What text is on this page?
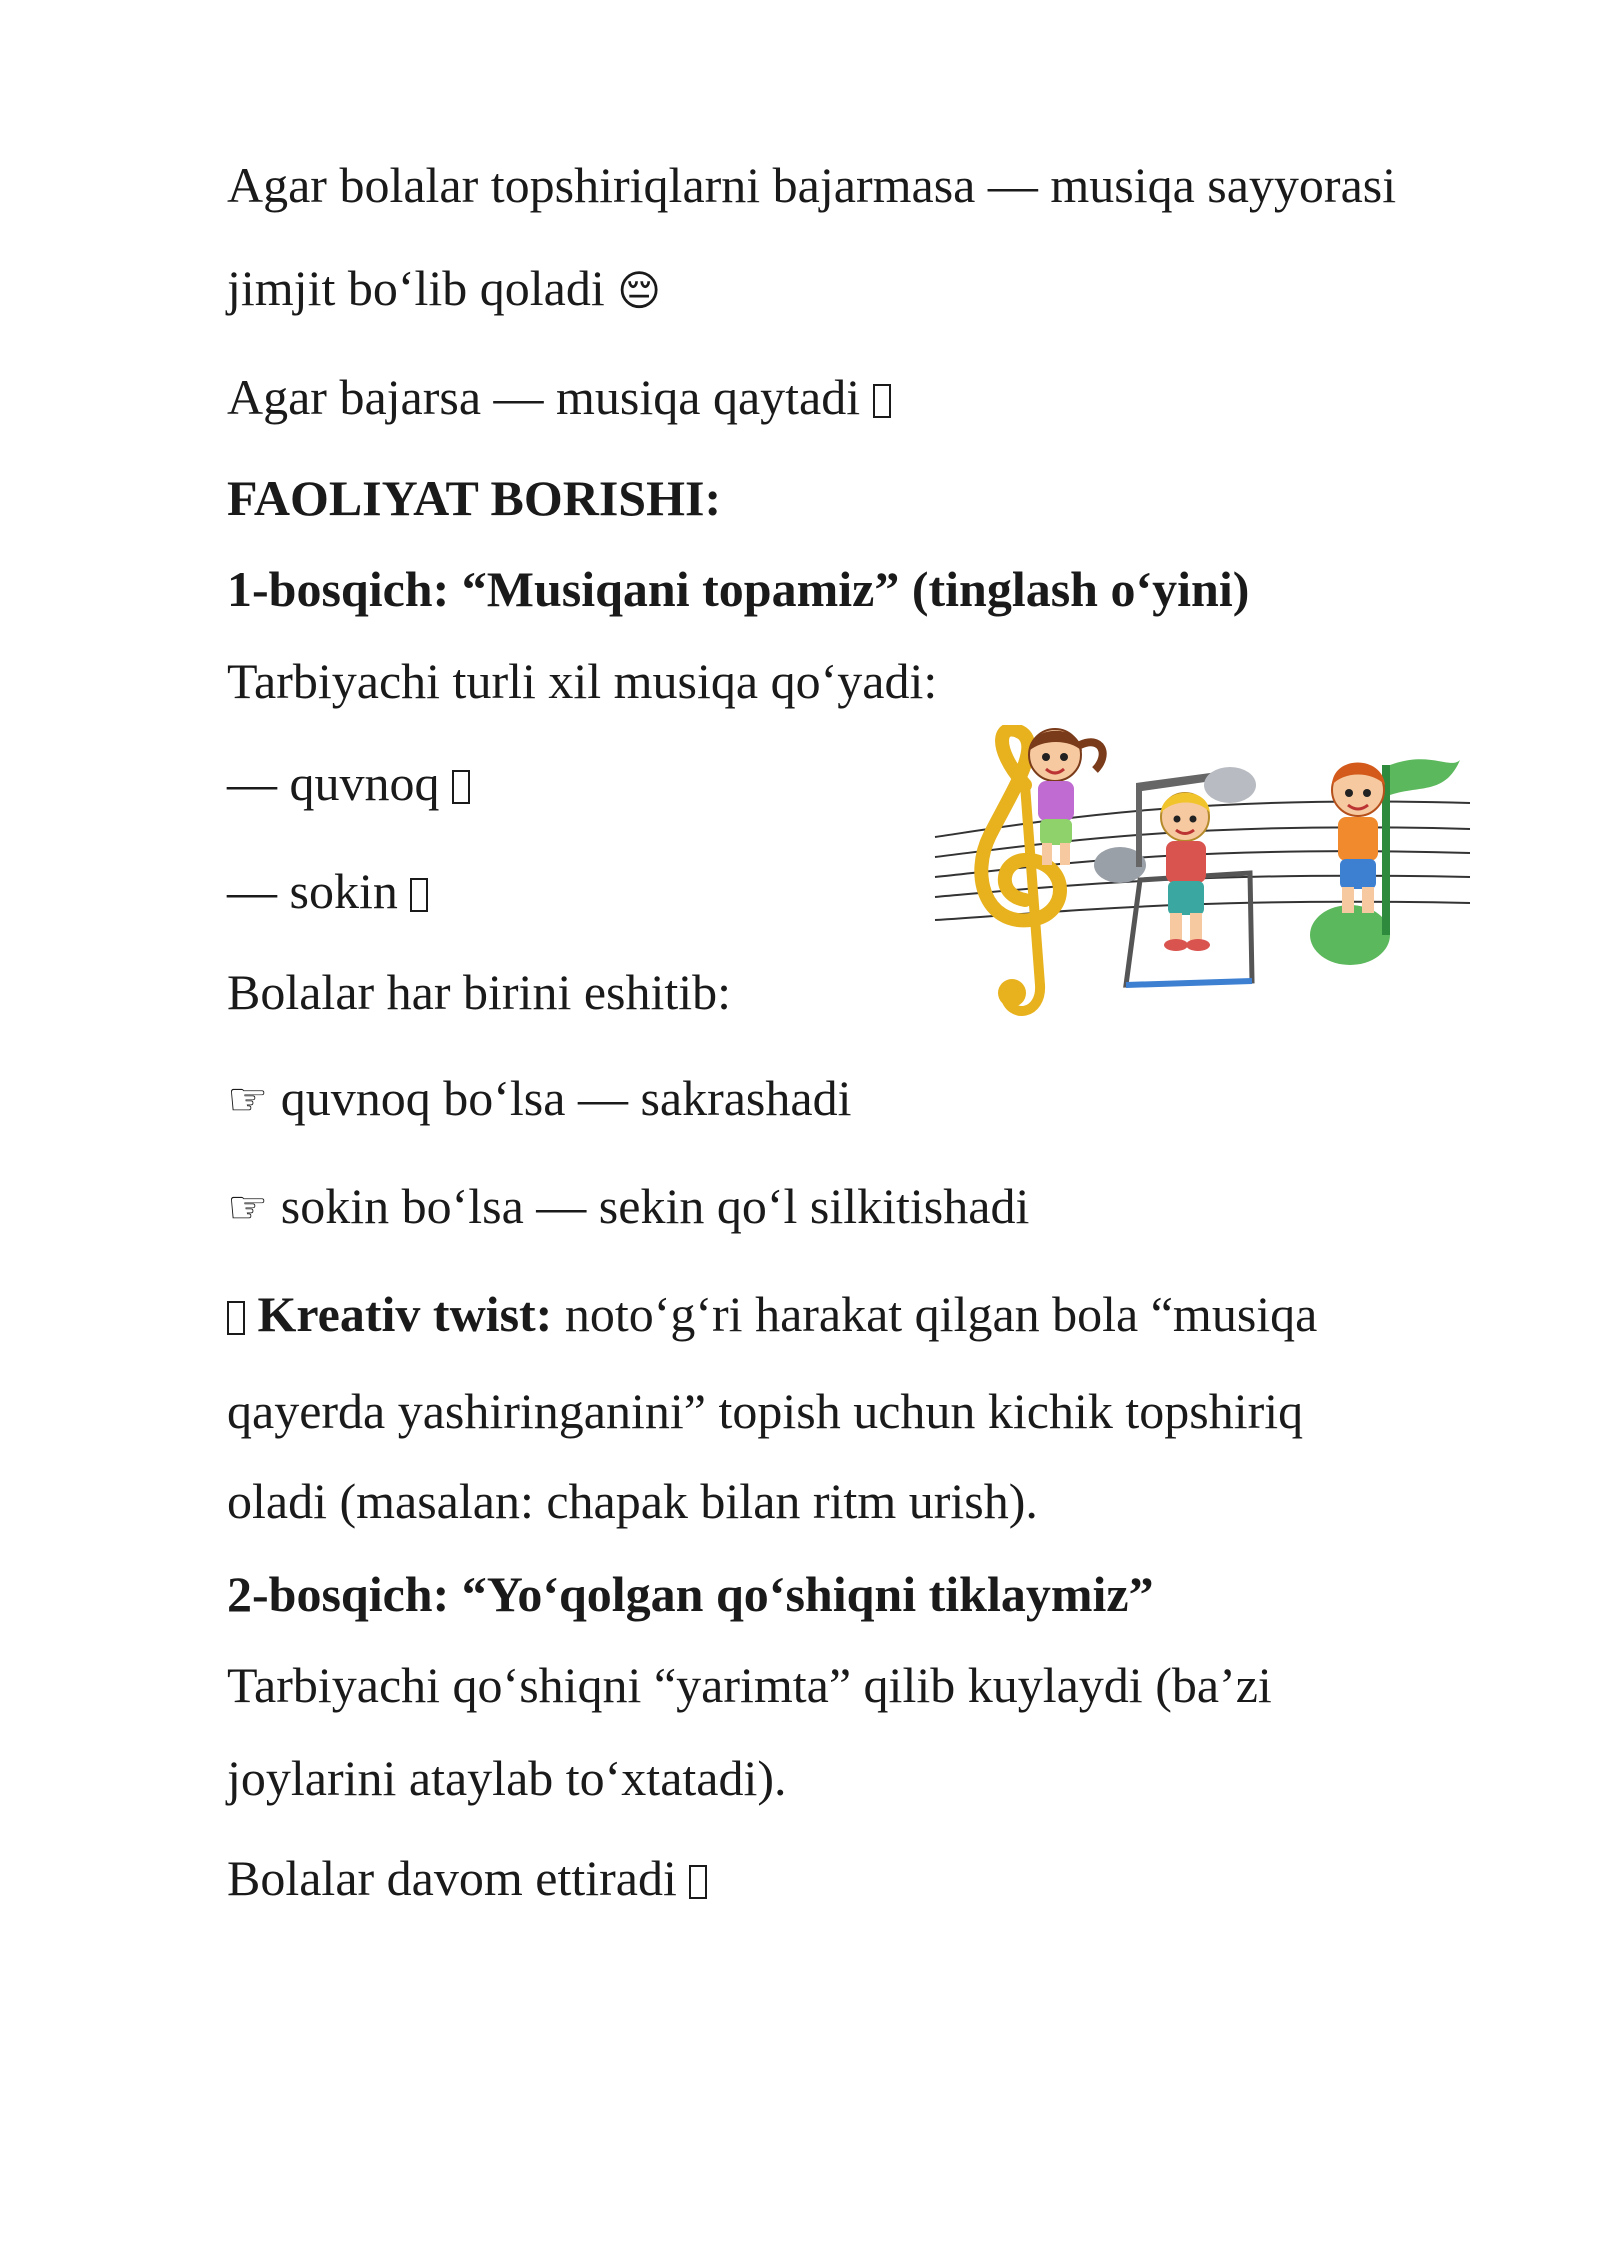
Agar bolalar topshiriqlarni bajarmasa — musiqa sayyorasi
jimjit bo‘lib qoladi 😔
Agar bajarsa — musiqa qaytadi
FAOLIYAT BORISHI:
1-bosqich: “Musiqani topamiz” (tinglash o‘yini)
Tarbiyachi turli xil musiqa qo‘yadi:
— quvnoq
— sokin
Bolalar har birini eshitib:
☞ quvnoq bo‘lsa — sakrashadi
☞ sokin bo‘lsa — sekin qo‘l silkitishadi
Kreativ twist: noto‘g‘ri harakat qilgan bola “musiqa
qayerda yashiringanini” topish uchun kichik topshiriq
oladi (masalan: chapak bilan ritm urish).
2-bosqich: “Yo‘qolgan qo‘shiqni tiklaymiz”
Tarbiyachi qo‘shiqni “yarimta” qilib kuylaydi (ba’zi
joylarini ataylab to‘xtatadi).
Bolalar davom ettiradi
